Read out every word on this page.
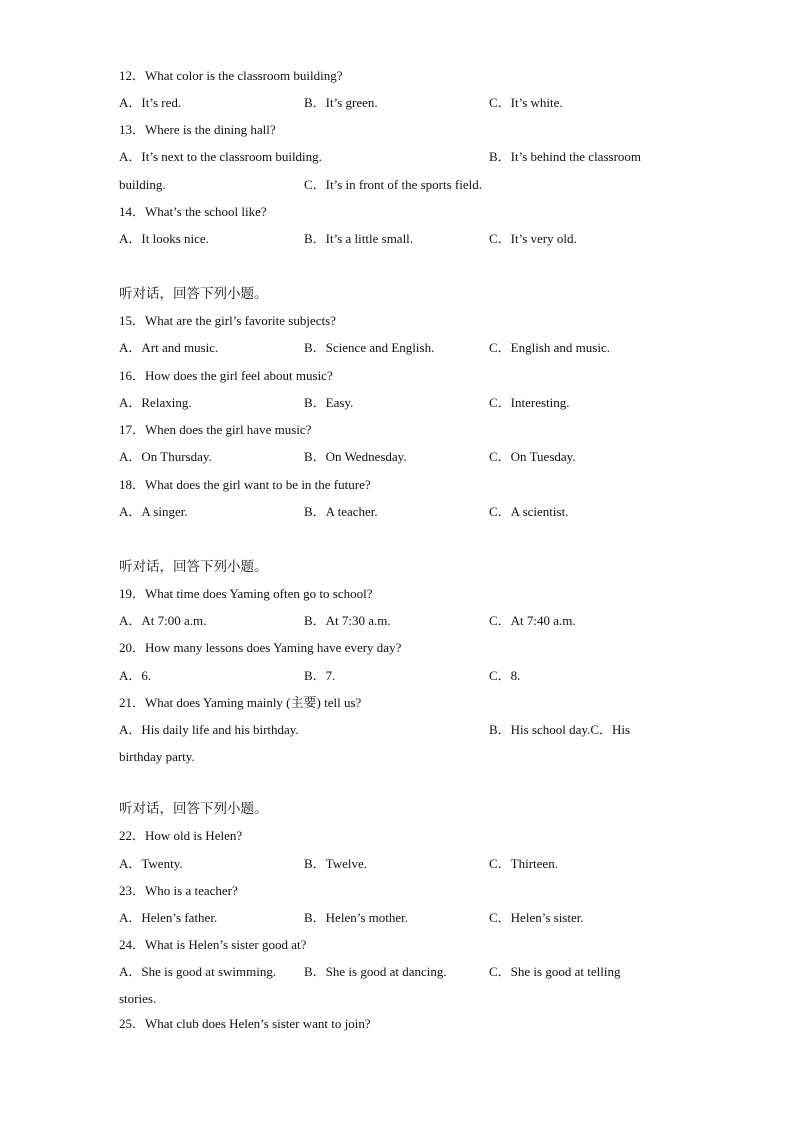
12．What color is the classroom building?
A．It’s red.	B．It’s green.	C．It’s white.
13．Where is the dining hall?
A．It’s next to the classroom building.	B．It’s behind the classroom
building.	C．It’s in front of the sports field.
14．What’s the school like?
A．It looks nice.	B．It’s a little small.	C．It’s very old.
听对话，回答下列小题。
15．What are the girl’s favorite subjects?
A．Art and music.	B．Science and English.	C．English and music.
16．How does the girl feel about music?
A．Relaxing.	B．Easy.	C．Interesting.
17．When does the girl have music?
A．On Thursday.	B．On Wednesday.	C．On Tuesday.
18．What does the girl want to be in the future?
A．A singer.	B．A teacher.	C．A scientist.
听对话，回答下列小题。
19．What time does Yaming often go to school?
A．At 7:00 a.m.	B．At 7:30 a.m.	C．At 7:40 a.m.
20．How many lessons does Yaming have every day?
A．6.	B．7.	C．8.
21．What does Yaming mainly (主要) tell us?
A．His daily life and his birthday.	B．His school day.C．His
birthday party.
听对话，回答下列小题。
22．How old is Helen?
A．Twenty.	B．Twelve.	C．Thirteen.
23．Who is a teacher?
A．Helen’s father.	B．Helen’s mother.	C．Helen’s sister.
24．What is Helen’s sister good at?
A．She is good at swimming. B．She is good at dancing.	C．She is good at telling
stories.
25．What club does Helen’s sister want to join?
